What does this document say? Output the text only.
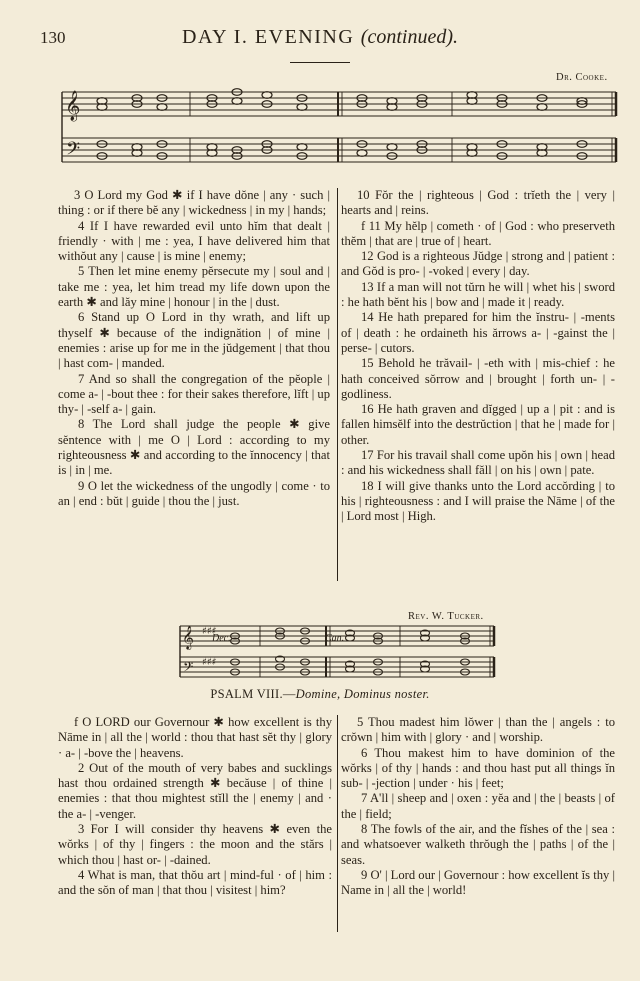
130	DAY I. EVENING (continued).
Dr. Cooke.
𝄞
𝄢

3 O Lord my God ✱ if I have dŏne | any · such | thing : or if there bĕ any | wickedness | in my | hands;

4 If I have rewarded evil unto hĭm that dealt | friendly · with | me : yea, I have delivered him that withŏut any | cause | is mine | enemy;

5 Then let mine enemy pĕrsecute my | soul and | take me : yea, let him tread my life down upon the earth ✱ and lăy mine | honour | in the | dust.

6 Stand up O Lord in thy wrath, and lift up thyself ✱ because of the indignătion | of mine | enemies : arise up for me in the jŭdgement | that thou | hast com- | manded.

7 And so shall the congregation of the pĕople | come a- | -bout thee : for their sakes therefore, lĭft | up thy- | -self a- | gain.

8 The Lord shall judge the people ✱ give sĕntence with | me O | Lord : according to my righteousness ✱ and according to the ĭnnocency | that is | in | me.

9 O let the wickedness of the ungodly | come · to an | end : bŭt | guide | thou the | just.

10 Fŏr the | righteous | God : trĭeth the | very | hearts and | reins.

f 11 My hĕlp | cometh · of | God : who preserveth thĕm | that are | true of | heart.

12 God is a righteous Jŭdge | strong and | patient : and Gŏd is pro- | -voked | every | day.

13 If a man will not tŭrn he will | whet his | sword : he hath bĕnt his | bow and | made it | ready.

14 He hath prepared for him the ĭnstru- | -ments of | death : he ordaineth his ărrows a- | -gainst the | perse- | cutors.

15 Behold he trăvail- | -eth with | mis-chief : he hath conceived sŏrrow and | brought | forth un- | -godliness.

16 He hath graven and dĭgged | up a | pit : and is fallen himsĕlf into the destrŭction | that he | made for | other.

17 For his travail shall come upŏn his | own | head : and his wickedness shall făll | on his | own | pate.

18 I will give thanks unto the Lord accŏrding | to his | righteousness : and I will praise the Nāme | of the | Lord most | High.

Rev. W. Tucker.
𝄞
𝄢
♯♯♯
♯♯♯
Dec.	Can.
PSALM VIII.—Domine, Dominus noster.

f O LORD our Governour ✱ how excellent is thy Nāme in | all the | world : thou that hast sĕt thy | glory · a- | -bove the | heavens.

2 Out of the mouth of very babes and sucklings hast thou ordained strength ✱ becăuse | of thine | enemies : that thou mightest stĭll the | enemy | and · the a- | -venger.

3 For I will consider thy heavens ✱ even the wŏrks | of thy | fingers : the moon and the stărs | which thou | hast or- | -dained.

4 What is man, that thŏu art | mind-ful · of | him : and the sŏn of man | that thou | visitest | him?

5 Thou madest him lŏwer | than the | angels : to crŏwn | him with | glory · and | worship.

6 Thou makest him to have dominion of the wŏrks | of thy | hands : and thou hast put all things ĭn sub- | -jection | under · his | feet;

7 A'll | sheep and | oxen : yĕa and | the | beasts | of the | field;

8 The fowls of the air, and the fĭshes of the | sea : and whatsoever walketh thrŏugh the | paths | of the | seas.

9 O' | Lord our | Governour : how excellent ĭs thy | Name in | all the | world!
